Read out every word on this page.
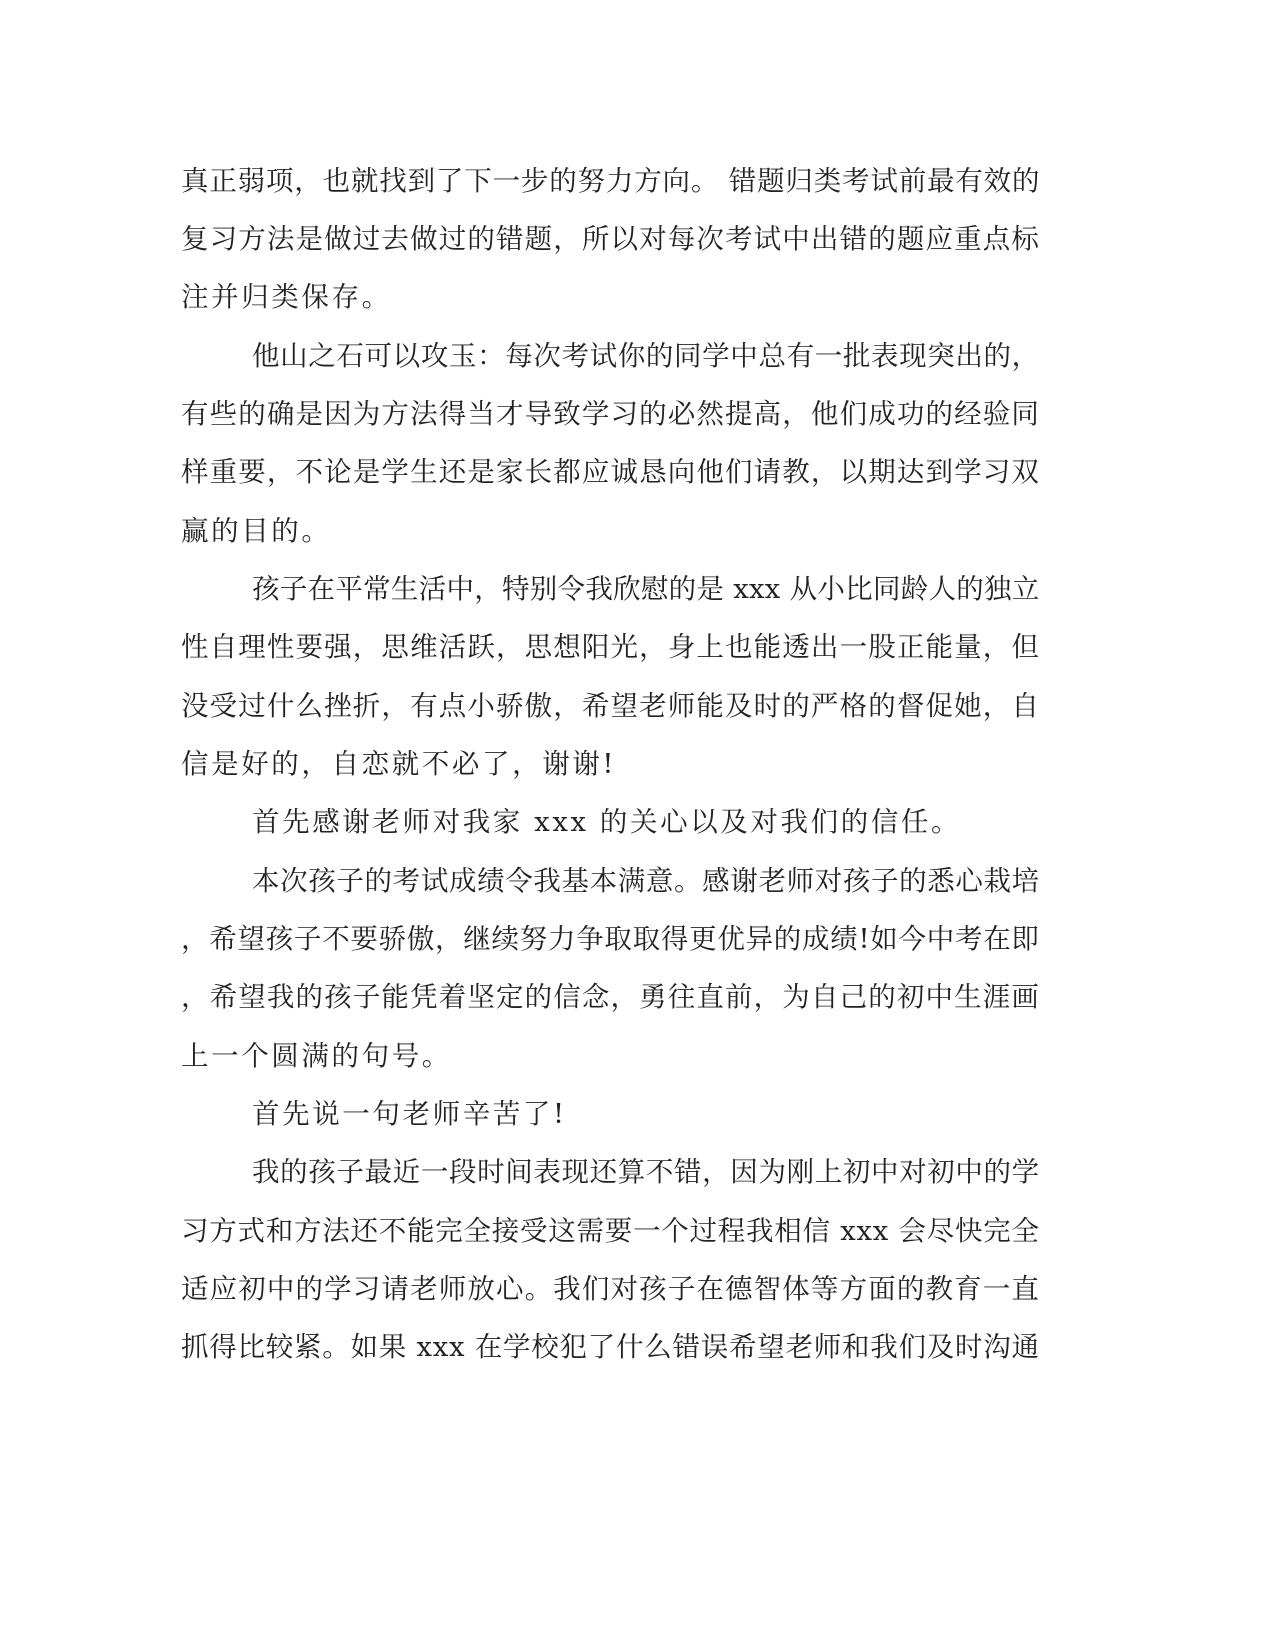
真正弱项，也就找到了下一步的努力方向。 错题归类考试前最有效的
复习方法是做过去做过的错题，所以对每次考试中出错的题应重点标
注并归类保存。
他山之石可以攻玉：每次考试你的同学中总有一批表现突出的，
有些的确是因为方法得当才导致学习的必然提高，他们成功的经验同
样重要，不论是学生还是家长都应诚恳向他们请教，以期达到学习双
赢的目的。
孩子在平常生活中，特别令我欣慰的是 xxx 从小比同龄人的独立
性自理性要强，思维活跃，思想阳光，身上也能透出一股正能量，但
没受过什么挫折，有点小骄傲，希望老师能及时的严格的督促她，自
信是好的，自恋就不必了，谢谢!
首先感谢老师对我家 xxx 的关心以及对我们的信任。
本次孩子的考试成绩令我基本满意。感谢老师对孩子的悉心栽培
，希望孩子不要骄傲，继续努力争取取得更优异的成绩!如今中考在即
，希望我的孩子能凭着坚定的信念，勇往直前，为自己的初中生涯画
上一个圆满的句号。
首先说一句老师辛苦了!
我的孩子最近一段时间表现还算不错，因为刚上初中对初中的学
习方式和方法还不能完全接受这需要一个过程我相信 xxx 会尽快完全
适应初中的学习请老师放心。我们对孩子在德智体等方面的教育一直
抓得比较紧。如果 xxx 在学校犯了什么错误希望老师和我们及时沟通
